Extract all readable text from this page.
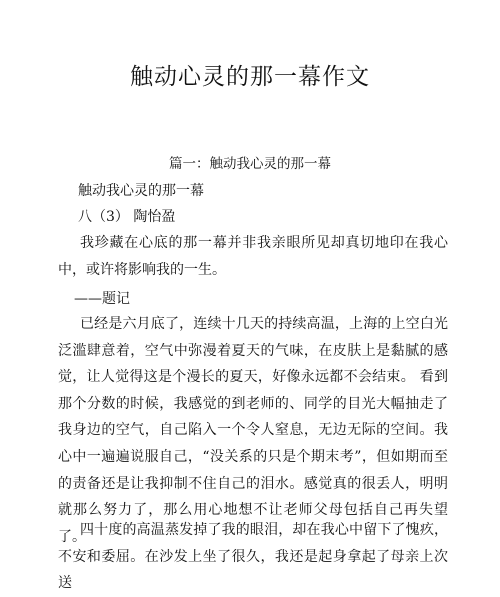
触动心灵的那一幕作文
篇一：触动我心灵的那一幕
触动我心灵的那一幕
八（3） 陶怡盈
我珍藏在心底的那一幕并非我亲眼所见却真切地印在我心中，或许将影响我的一生。
——题记
已经是六月底了，连续十几天的持续高温，上海的上空白光泛滥肆意着，空气中弥漫着夏天的气味，在皮肤上是黏腻的感觉，让人觉得这是个漫长的夏天，好像永远都不会结束。 看到那个分数的时候，我感觉的到老师的、同学的目光大幅抽走了我身边的空气，自己陷入一个令人窒息，无边无际的空间。我心中一遍遍说服自己，“没关系的只是个期末考”，但如期而至的责备还是让我抑制不住自己的泪水。感觉真的很丢人，明明就那么努力了，那么用心地想不让老师父母包括自己再失望了。
四十度的高温蒸发掉了我的眼泪，却在我心中留下了愧疚，不安和委屈。在沙发上坐了很久，我还是起身拿起了母亲上次送
